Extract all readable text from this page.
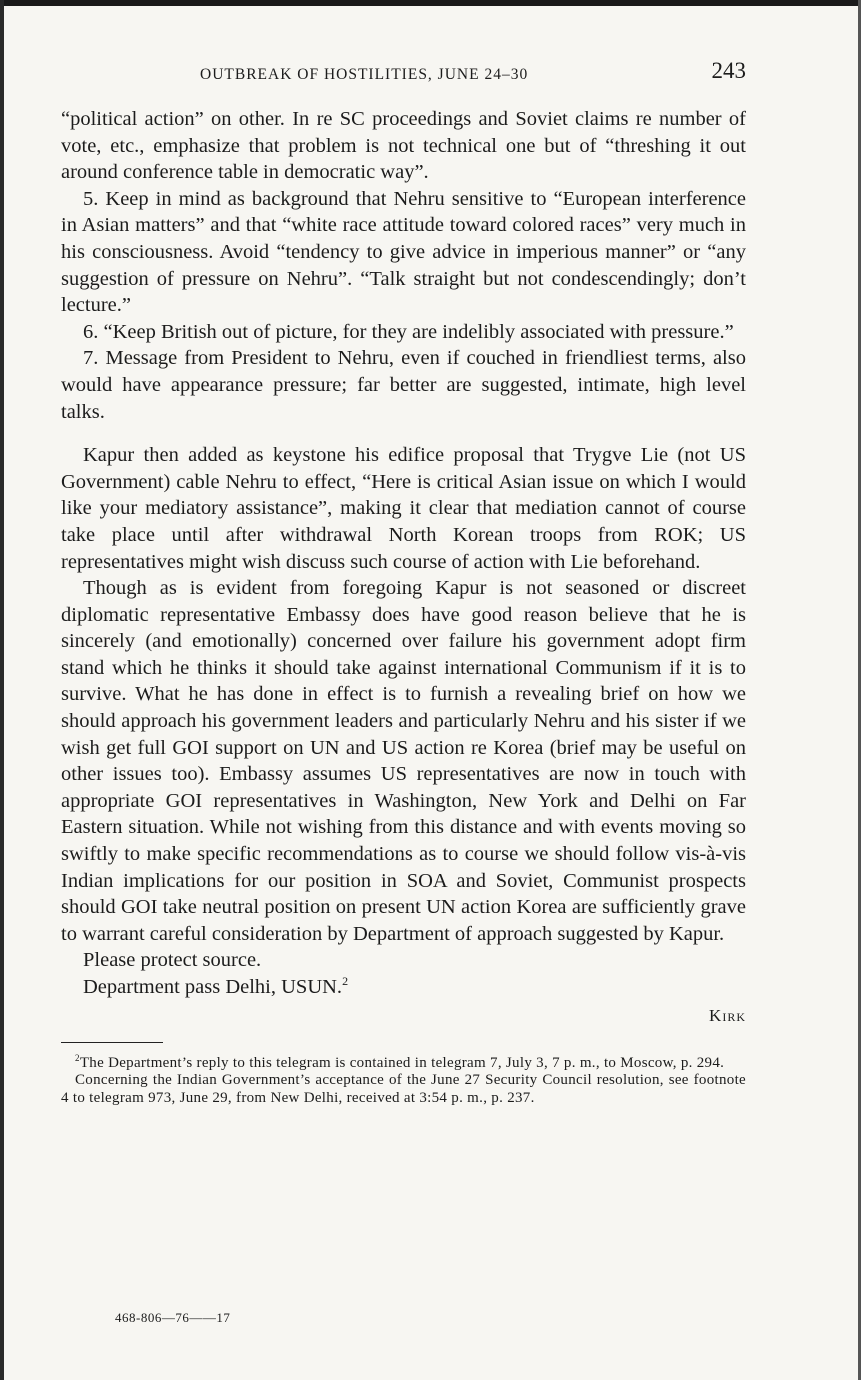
OUTBREAK OF HOSTILITIES, JUNE 24–30	243

“political action” on other. In re SC proceedings and Soviet claims re number of vote, etc., emphasize that problem is not technical one but of “threshing it out around conference table in democratic way”.

5. Keep in mind as background that Nehru sensitive to “European interference in Asian matters” and that “white race attitude toward colored races” very much in his consciousness. Avoid “tendency to give advice in imperious manner” or “any suggestion of pressure on Nehru”. “Talk straight but not condescendingly; don’t lecture.”

6. “Keep British out of picture, for they are indelibly associated with pressure.”

7. Message from President to Nehru, even if couched in friendliest terms, also would have appearance pressure; far better are suggested, intimate, high level talks.

Kapur then added as keystone his edifice proposal that Trygve Lie (not US Government) cable Nehru to effect, “Here is critical Asian issue on which I would like your mediatory assistance”, making it clear that mediation cannot of course take place until after withdrawal North Korean troops from ROK; US representatives might wish discuss such course of action with Lie beforehand.

Though as is evident from foregoing Kapur is not seasoned or discreet diplomatic representative Embassy does have good reason believe that he is sincerely (and emotionally) concerned over failure his government adopt firm stand which he thinks it should take against international Communism if it is to survive. What he has done in effect is to furnish a revealing brief on how we should approach his government leaders and particularly Nehru and his sister if we wish get full GOI support on UN and US action re Korea (brief may be useful on other issues too). Embassy assumes US representatives are now in touch with appropriate GOI representatives in Washington, New York and Delhi on Far Eastern situation. While not wishing from this distance and with events moving so swiftly to make specific recommendations as to course we should follow vis-à-vis Indian implications for our position in SOA and Soviet, Communist prospects should GOI take neutral position on present UN action Korea are sufficiently grave to warrant careful consideration by Department of approach suggested by Kapur.

Please protect source.

Department pass Delhi, USUN.$^2$

Kirk

$^2$The Department’s reply to this telegram is contained in telegram 7, July 3, 7 p. m., to Moscow, p. 294.

Concerning the Indian Government’s acceptance of the June 27 Security Council resolution, see footnote 4 to telegram 973, June 29, from New Delhi, received at 3:54 p. m., p. 237.

468-806—76——17
